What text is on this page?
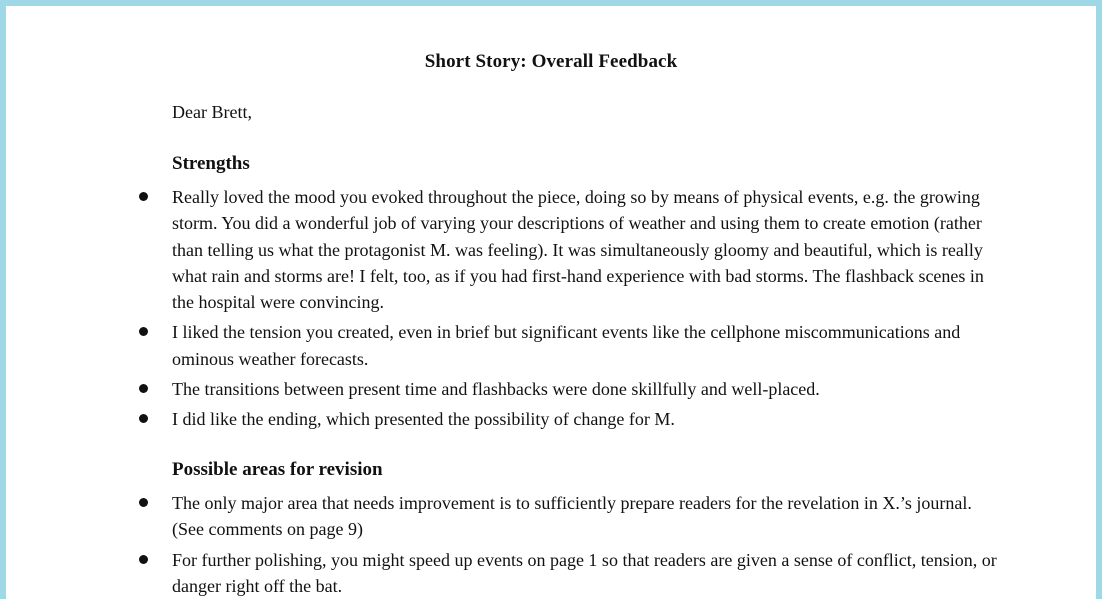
Short Story: Overall Feedback

Dear Brett,

Strengths
Really loved the mood you evoked throughout the piece, doing so by means of physical events, e.g. the growing storm. You did a wonderful job of varying your descriptions of weather and using them to create emotion (rather than telling us what the protagonist M. was feeling). It was simultaneously gloomy and beautiful, which is really what rain and storms are! I felt, too, as if you had first-hand experience with bad storms. The flashback scenes in the hospital were convincing.
I liked the tension you created, even in brief but significant events like the cellphone miscommunications and ominous weather forecasts.
The transitions between present time and flashbacks were done skillfully and well-placed.
I did like the ending, which presented the possibility of change for M.
Possible areas for revision
The only major area that needs improvement is to sufficiently prepare readers for the revelation in X.’s journal. (See comments on page 9)
For further polishing, you might speed up events on page 1 so that readers are given a sense of conflict, tension, or danger right off the bat.
